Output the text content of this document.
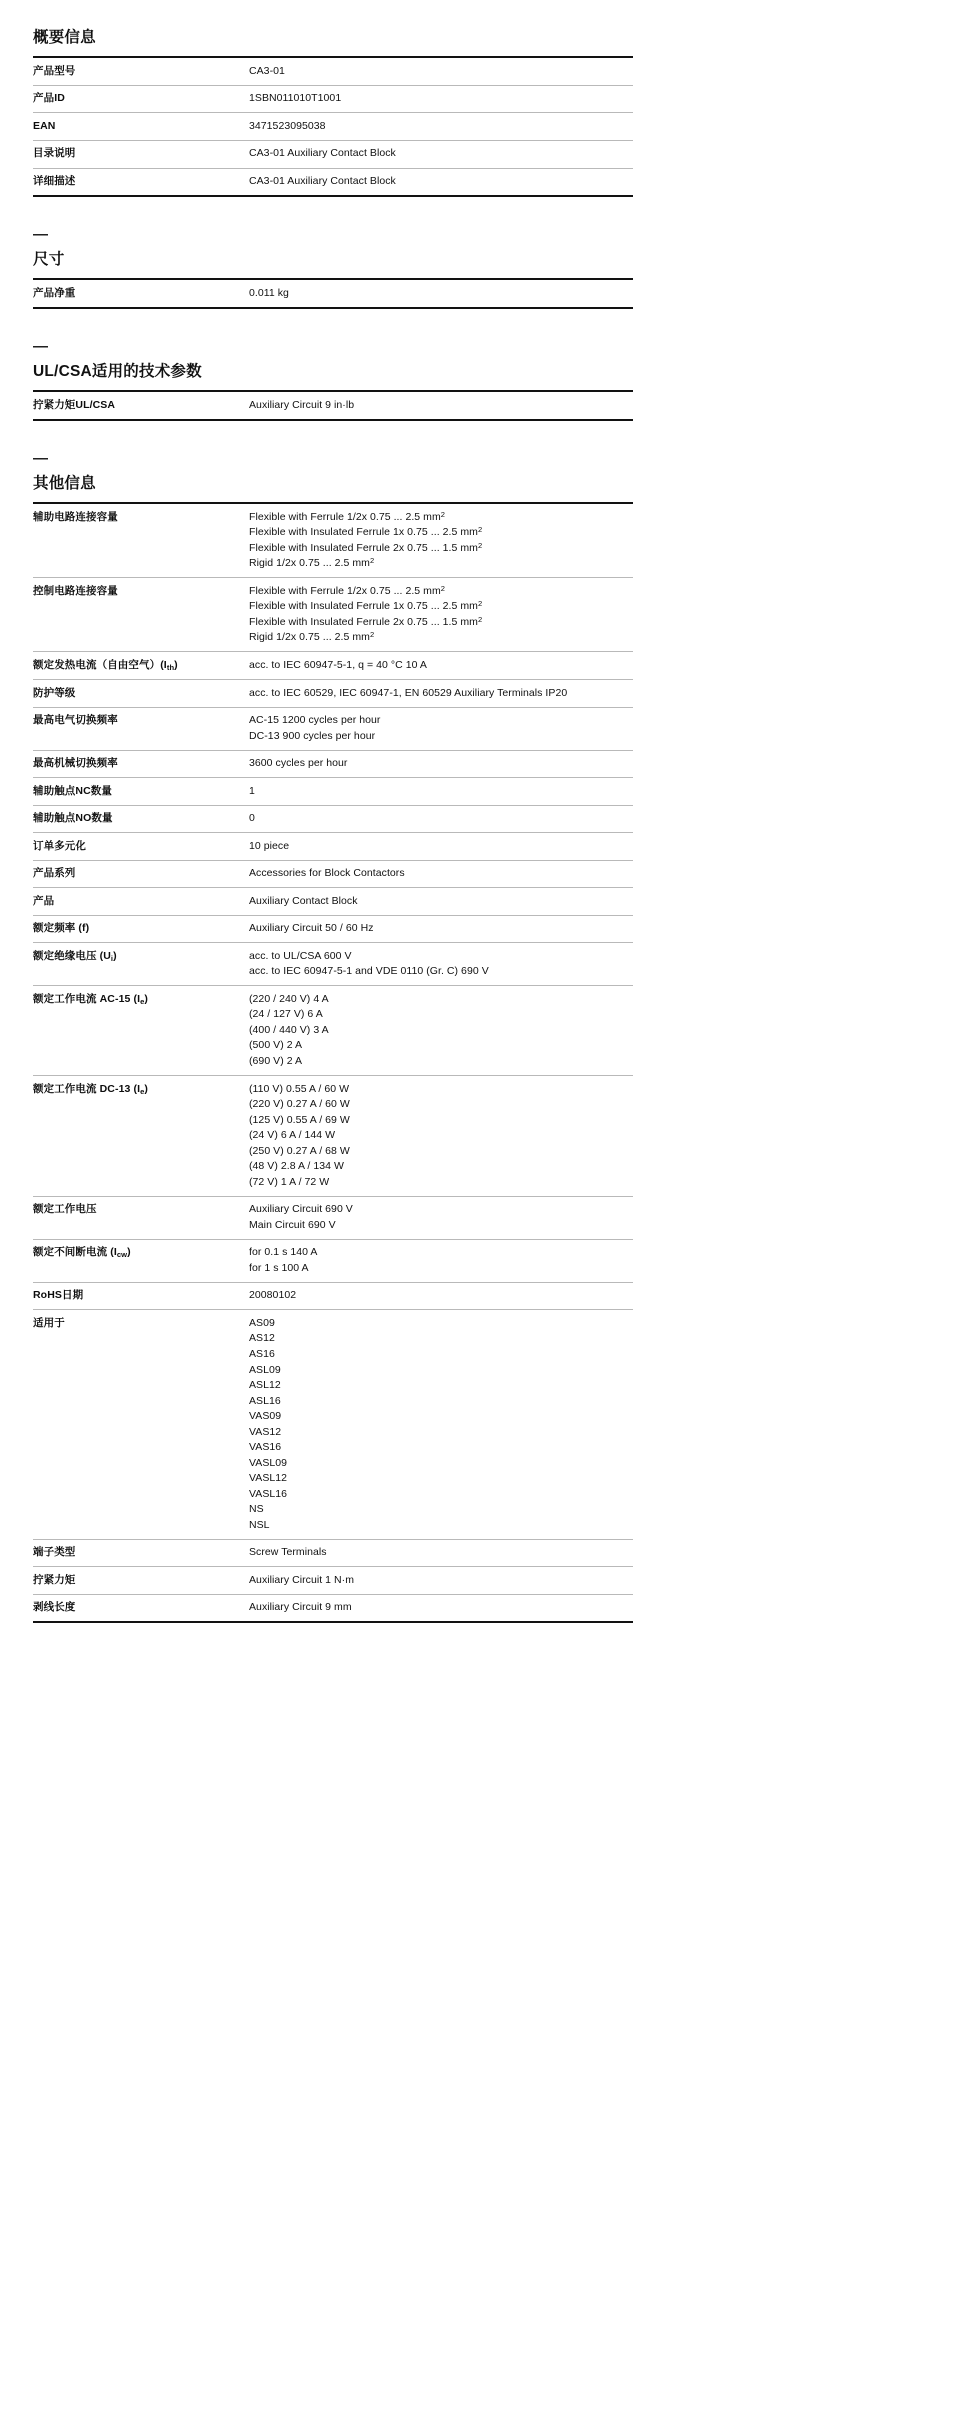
概要信息
产品型号	CA3-01

产品ID	1SBN011010T1001

EAN	3471523095038

目录说明	CA3-01 Auxiliary Contact Block

详细描述	CA3-01 Auxiliary Contact Block
—
尺寸
产品净重	0.011 kg
—
UL/CSA适用的技术参数
拧紧力矩UL/CSA	Auxiliary Circuit 9 in·lb
—
其他信息
辅助电路连接容量	Flexible with Ferrule 1/2x 0.75 ... 2.5 $mm^2$
Flexible with Insulated Ferrule 1x 0.75 ... 2.5 $mm^2$
Flexible with Insulated Ferrule 2x 0.75 ... 1.5 $mm^2$
Rigid 1/2x 0.75 ... 2.5 $mm^2$

控制电路连接容量	Flexible with Ferrule 1/2x 0.75 ... 2.5 $mm^2$
Flexible with Insulated Ferrule 1x 0.75 ... 2.5 $mm^2$
Flexible with Insulated Ferrule 2x 0.75 ... 1.5 $mm^2$
Rigid 1/2x 0.75 ... 2.5 $mm^2$

额定发热电流（自由空气）$(I_{th})$	acc. to IEC 60947-5-1, q = 40 °C 10 A

防护等级	acc. to IEC 60529, IEC 60947-1, EN 60529 Auxiliary Terminals IP20

最高电气切换频率	AC-15 1200 cycles per hour
DC-13 900 cycles per hour

最高机械切换频率	3600 cycles per hour

辅助触点NC数量	1

辅助触点NO数量	0

订单多元化	10 piece

产品系列	Accessories for Block Contactors

产品	Auxiliary Contact Block

额定频率 (f)	Auxiliary Circuit 50 / 60 Hz

额定绝缘电压 $(U_i)$	acc. to UL/CSA 600 V
acc. to IEC 60947-5-1 and VDE 0110 (Gr. C) 690 V

额定工作电流 AC-15 $(I_e)$	(220 / 240 V) 4 A
(24 / 127 V) 6 A
(400 / 440 V) 3 A
(500 V) 2 A
(690 V) 2 A

额定工作电流 DC-13 $(I_e)$	(110 V) 0.55 A / 60 W
(220 V) 0.27 A / 60 W
(125 V) 0.55 A / 69 W
(24 V) 6 A / 144 W
(250 V) 0.27 A / 68 W
(48 V) 2.8 A / 134 W
(72 V) 1 A / 72 W

额定工作电压	Auxiliary Circuit 690 V
Main Circuit 690 V

额定不间断电流 $(I_{cw})$	for 0.1 s 140 A
for 1 s 100 A

RoHS日期	20080102

适用于	AS09
AS12
AS16
ASL09
ASL12
ASL16
VAS09
VAS12
VAS16
VASL09
VASL12
VASL16
NS
NSL

端子类型	Screw Terminals

拧紧力矩	Auxiliary Circuit 1 N·m

剥线长度	Auxiliary Circuit 9 mm
